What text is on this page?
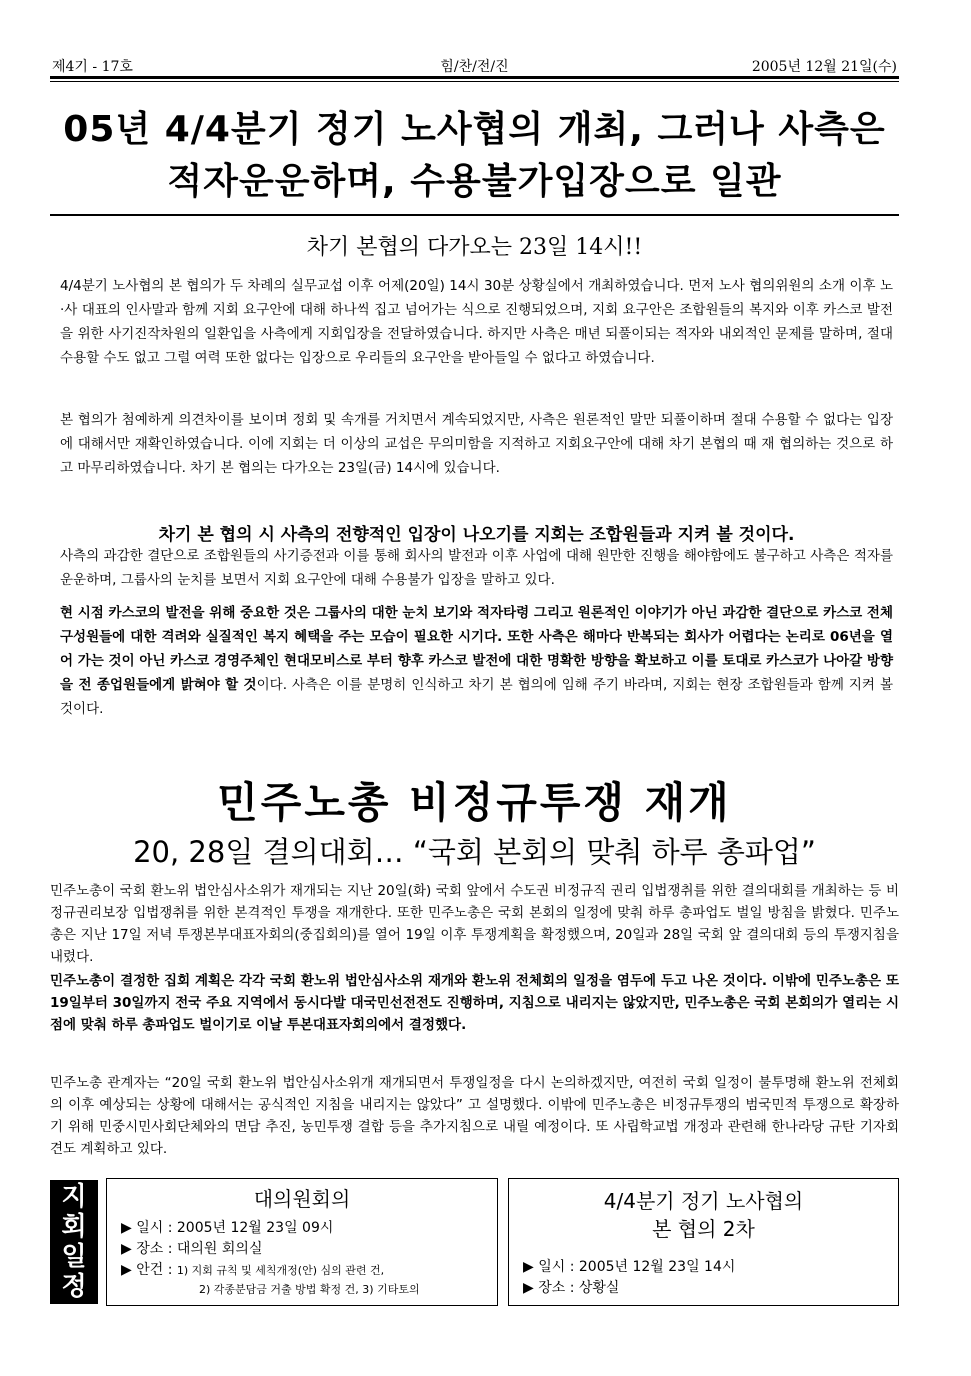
제4기 - 17호	힘/찬/전/진	2005년 12월 21일(수)
05년 4/4분기 정기 노사협의 개최, 그러나 사측은
적자운운하며, 수용불가입장으로 일관
차기 본협의 다가오는 23일 14시!!
4/4분기 노사협의 본 협의가 두 차례의 실무교섭 이후 어제(20일) 14시 30분 상황실에서 개최하였습니다. 먼저 노사 협의위원의 소개 이후 노·사 대표의 인사말과 함께 지회 요구안에 대해 하나씩 집고 넘어가는 식으로 진행되었으며, 지회 요구안은 조합원들의 복지와 이후 카스코 발전을 위한 사기진작차원의 일환입을 사측에게 지회입장을 전달하였습니다. 하지만 사측은 매년 되풀이되는 적자와 내외적인 문제를 말하며, 절대 수용할 수도 없고 그럴 여력 또한 없다는 입장으로 우리들의 요구안을 받아들일 수 없다고 하였습니다.
본 협의가 첨예하게 의견차이를 보이며 정회 및 속개를 거치면서 계속되었지만, 사측은 원론적인 말만 되풀이하며 절대 수용할 수 없다는 입장에 대해서만 재확인하였습니다. 이에 지회는 더 이상의 교섭은 무의미함을 지적하고 지회요구안에 대해 차기 본협의 때 재 협의하는 것으로 하고 마무리하였습니다. 차기 본 협의는 다가오는 23일(금) 14시에 있습니다.
차기 본 협의 시 사측의 전향적인 입장이 나오기를 지회는 조합원들과 지켜 볼 것이다.
사측의 과감한 결단으로 조합원들의 사기증전과 이를 통해 회사의 발전과 이후 사업에 대해 원만한 진행을 해야함에도 불구하고 사측은 적자를 운운하며, 그룹사의 눈치를 보면서 지회 요구안에 대해 수용불가 입장을 말하고 있다.
현 시점 카스코의 발전을 위해 중요한 것은 그룹사의 대한 눈치 보기와 적자타령 그리고 원론적인 이야기가 아닌 과감한 결단으로 카스코 전체 구성원들에 대한 격려와 실질적인 복지 혜택을 주는 모습이 필요한 시기다. 또한 사측은 해마다 반복되는 회사가 어렵다는 논리로 06년을 열어 가는 것이 아닌 카스코 경영주체인 현대모비스로 부터 향후 카스코 발전에 대한 명확한 방향을 확보하고 이를 토대로 카스코가 나아갈 방향을 전 종업원들에게 밝혀야 할 것이다. 사측은 이를 분명히 인식하고 차기 본 협의에 임해 주기 바라며, 지회는 현장 조합원들과 함께 지켜 볼 것이다.
민주노총 비정규투쟁 재개
20, 28일 결의대회… “국회 본회의 맞춰 하루 총파업”
민주노총이 국회 환노위 법안심사소위가 재개되는 지난 20일(화) 국회 앞에서 수도권 비정규직 권리 입법쟁취를 위한 결의대회를 개최하는 등 비정규권리보장 입법쟁취를 위한 본격적인 투쟁을 재개한다. 또한 민주노총은 국회 본회의 일정에 맞춰 하루 총파업도 벌일 방침을 밝혔다. 민주노총은 지난 17일 저녁 투쟁본부대표자회의(중집회의)를 열어 19일 이후 투쟁계획을 확정했으며, 20일과 28일 국회 앞 결의대회 등의 투쟁지침을 내렸다.
민주노총이 결정한 집회 계획은 각각 국회 환노위 법안심사소위 재개와 환노위 전체회의 일정을 염두에 두고 나온 것이다. 이밖에 민주노총은 또 19일부터 30일까지 전국 주요 지역에서 동시다발 대국민선전전도 진행하며, 지침으로 내리지는 않았지만, 민주노총은 국회 본회의가 열리는 시점에 맞춰 하루 총파업도 벌이기로 이날 투본대표자회의에서 결정했다.
민주노총 관계자는 “20일 국회 환노위 법안심사소위개 재개되면서 투쟁일정을 다시 논의하겠지만, 여전히 국회 일정이 불투명해 환노위 전체회의 이후 예상되는 상황에 대해서는 공식적인 지침을 내리지는 않았다” 고 설명했다. 이밖에 민주노총은 비정규투쟁의 범국민적 투쟁으로 확장하기 위해 민중시민사회단체와의 면담 추진, 농민투쟁 결합 등을 추가지침으로 내릴 예정이다. 또 사립학교법 개정과 관련해 한나라당 규탄 기자회견도 계획하고 있다.
지
회
일
정
대의원회의
▶ 일시 : 2005년 12월 23일 09시
▶ 장소 : 대의원 회의실
▶ 안건 : 1) 지회 규칙 및 세칙개정(안) 심의 관련 건,
2) 각종분담금 거출 방법 확정 건, 3) 기타토의
4/4분기 정기 노사협의
본 협의 2차
▶ 일시 : 2005년 12월 23일 14시
▶ 장소 : 상황실
